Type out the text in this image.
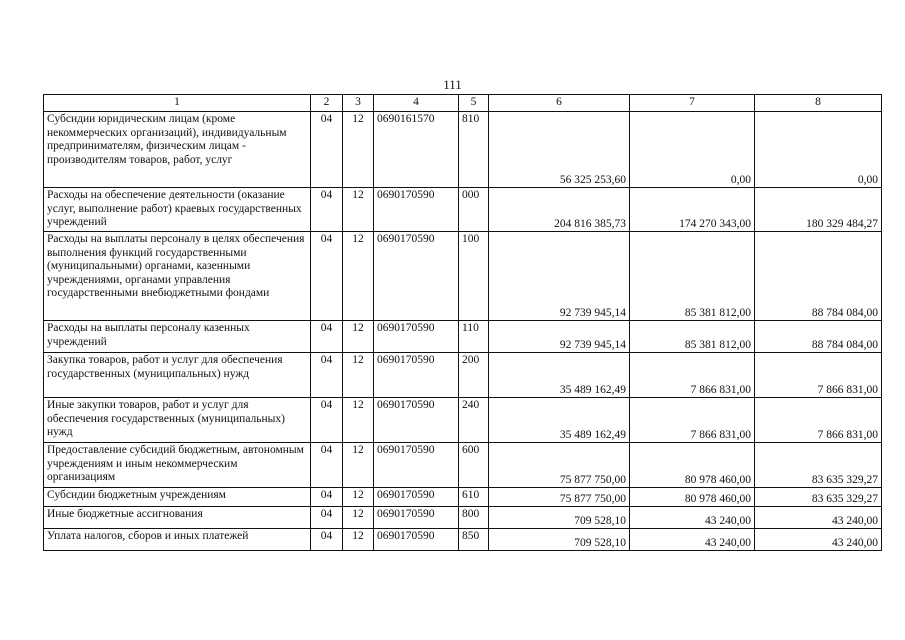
111
1	2	3	4	5	6	7	8
Субсидии юридическим лицам (кроме некоммерческих организаций), индивидуальным предпринимателям, физическим лицам - производителям товаров, работ, услуг	04	12	0690161570	810	56 325 253,60	0,00	0,00
Расходы на обеспечение деятельности (оказание услуг, выполнение работ) краевых государственных учреждений	04	12	0690170590	000	204 816 385,73	174 270 343,00	180 329 484,27
Расходы на выплаты персоналу в целях обеспечения выполнения функций государственными (муниципальными) органами, казенными учреждениями, органами управления государственными внебюджетными фондами	04	12	0690170590	100	92 739 945,14	85 381 812,00	88 784 084,00
Расходы на выплаты персоналу казенных учреждений	04	12	0690170590	110	92 739 945,14	85 381 812,00	88 784 084,00
Закупка товаров, работ и услуг для обеспечения государственных (муниципальных) нужд	04	12	0690170590	200	35 489 162,49	7 866 831,00	7 866 831,00
Иные закупки товаров, работ и услуг для обеспечения государственных (муниципальных) нужд	04	12	0690170590	240	35 489 162,49	7 866 831,00	7 866 831,00
Предоставление субсидий бюджетным, автономным учреждениям и иным некоммерческим организациям	04	12	0690170590	600	75 877 750,00	80 978 460,00	83 635 329,27
Субсидии бюджетным учреждениям	04	12	0690170590	610	75 877 750,00	80 978 460,00	83 635 329,27
Иные бюджетные ассигнования	04	12	0690170590	800	709 528,10	43 240,00	43 240,00
Уплата налогов, сборов и иных платежей	04	12	0690170590	850	709 528,10	43 240,00	43 240,00
